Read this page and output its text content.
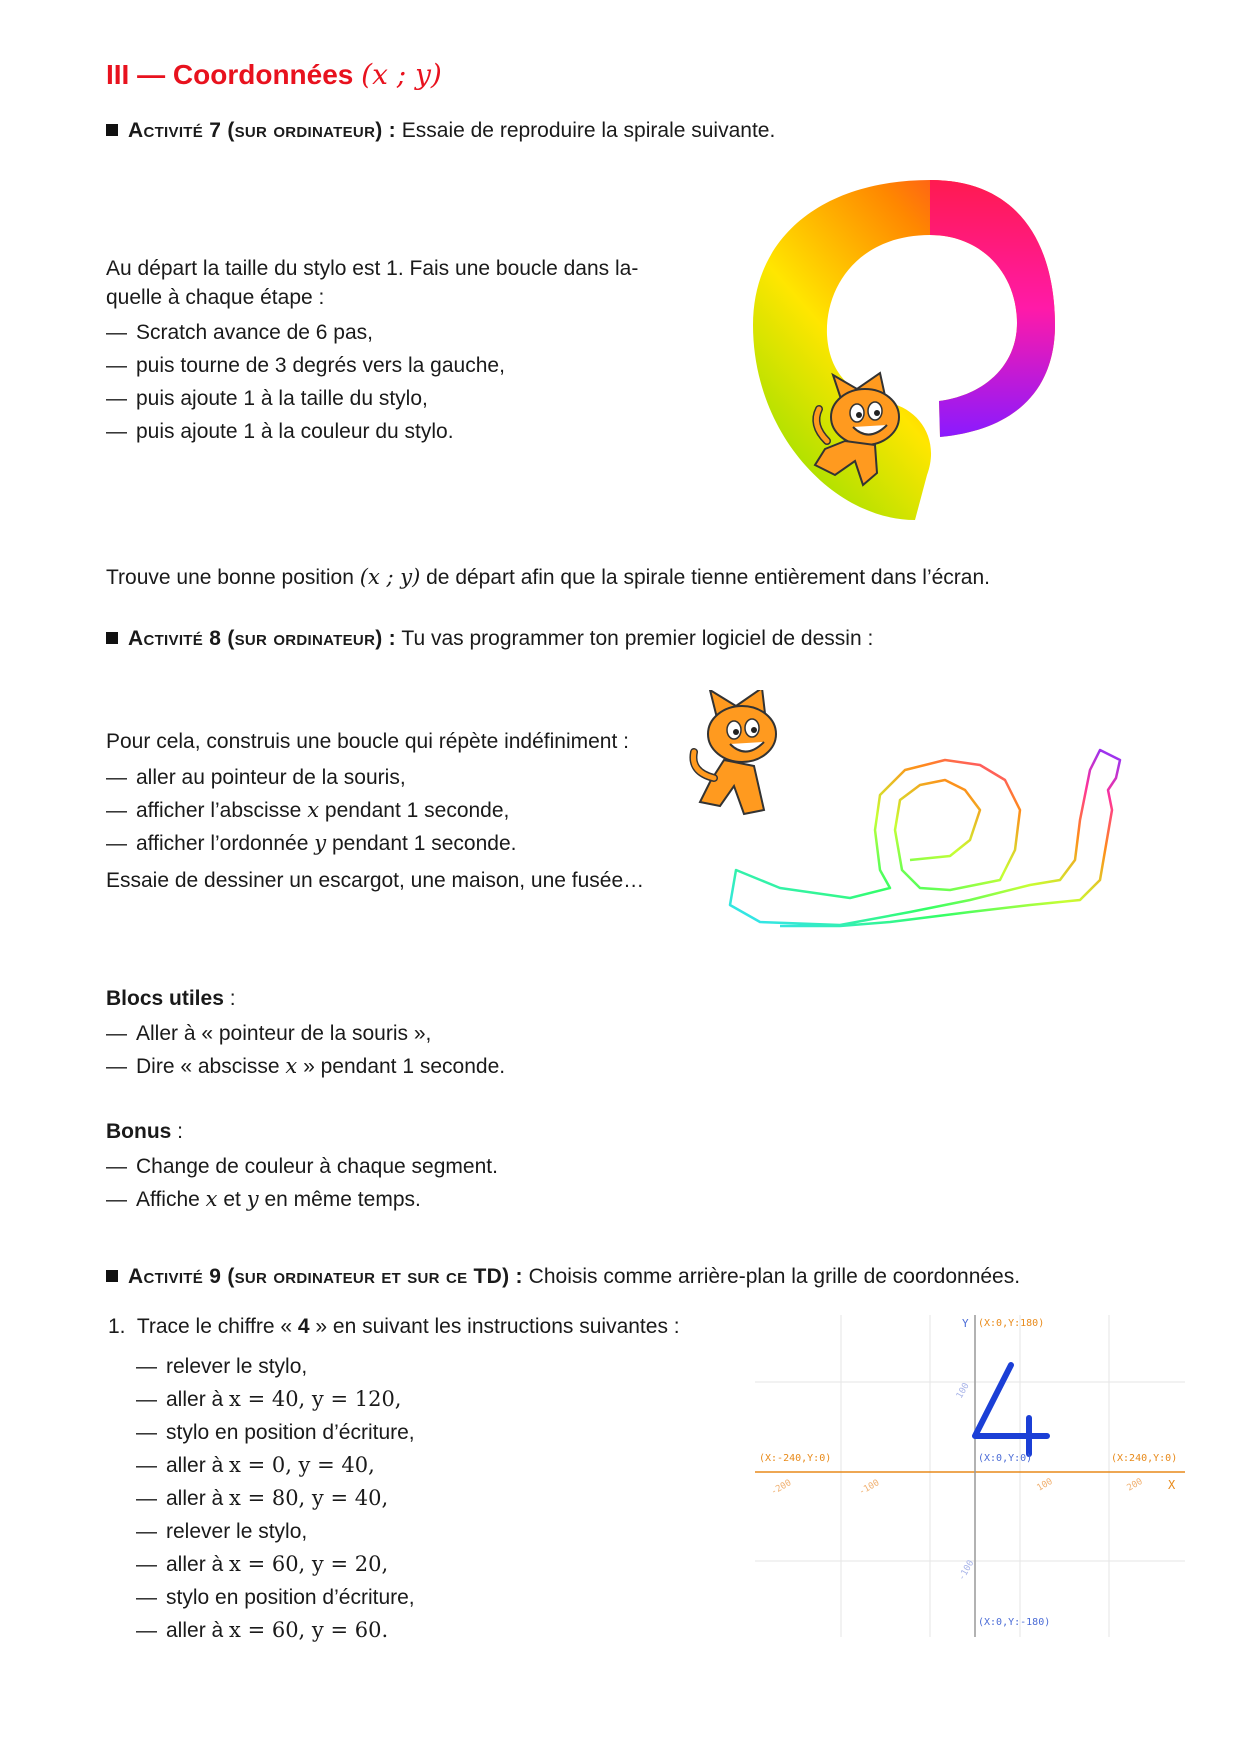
III — Coordonnées (x ; y)
Activité 7 (sur ordinateur) : Essaie de reproduire la spirale suivante.
Au départ la taille du stylo est 1. Fais une boucle dans la-
quelle à chaque étape :
— Scratch avance de 6 pas,
— puis tourne de 3 degrés vers la gauche,
— puis ajoute 1 à la taille du stylo,
— puis ajoute 1 à la couleur du stylo.
Trouve une bonne position (x ; y) de départ afin que la spirale tienne entièrement dans l’écran.
Activité 8 (sur ordinateur) : Tu vas programmer ton premier logiciel de dessin :
Pour cela, construis une boucle qui répète indéfiniment :
— aller au pointeur de la souris,
— afficher l’abscisse x pendant 1 seconde,
— afficher l’ordonnée y pendant 1 seconde.
Essaie de dessiner un escargot, une maison, une fusée…
Blocs utiles :
— Aller à « pointeur de la souris »,
— Dire « abscisse x » pendant 1 seconde.
Bonus :
— Change de couleur à chaque segment.
— Affiche x et y en même temps.
Activité 9 (sur ordinateur et sur ce TD) : Choisis comme arrière-plan la grille de coordonnées.
1. Trace le chiffre « 4 » en suivant les instructions suivantes :
— relever le stylo,
— aller à x = 40, y = 120,
— stylo en position d’écriture,
— aller à x = 0, y = 40,
— aller à x = 80, y = 40,
— relever le stylo,
— aller à x = 60, y = 20,
— stylo en position d’écriture,
— aller à x = 60, y = 60.
Y (X:0,Y:180)
(X:0,Y:-180)
(X:-240,Y:0)	(X:240,Y:0)
(X:0,Y:0)
X
-200	-100	100	200
100
-100
